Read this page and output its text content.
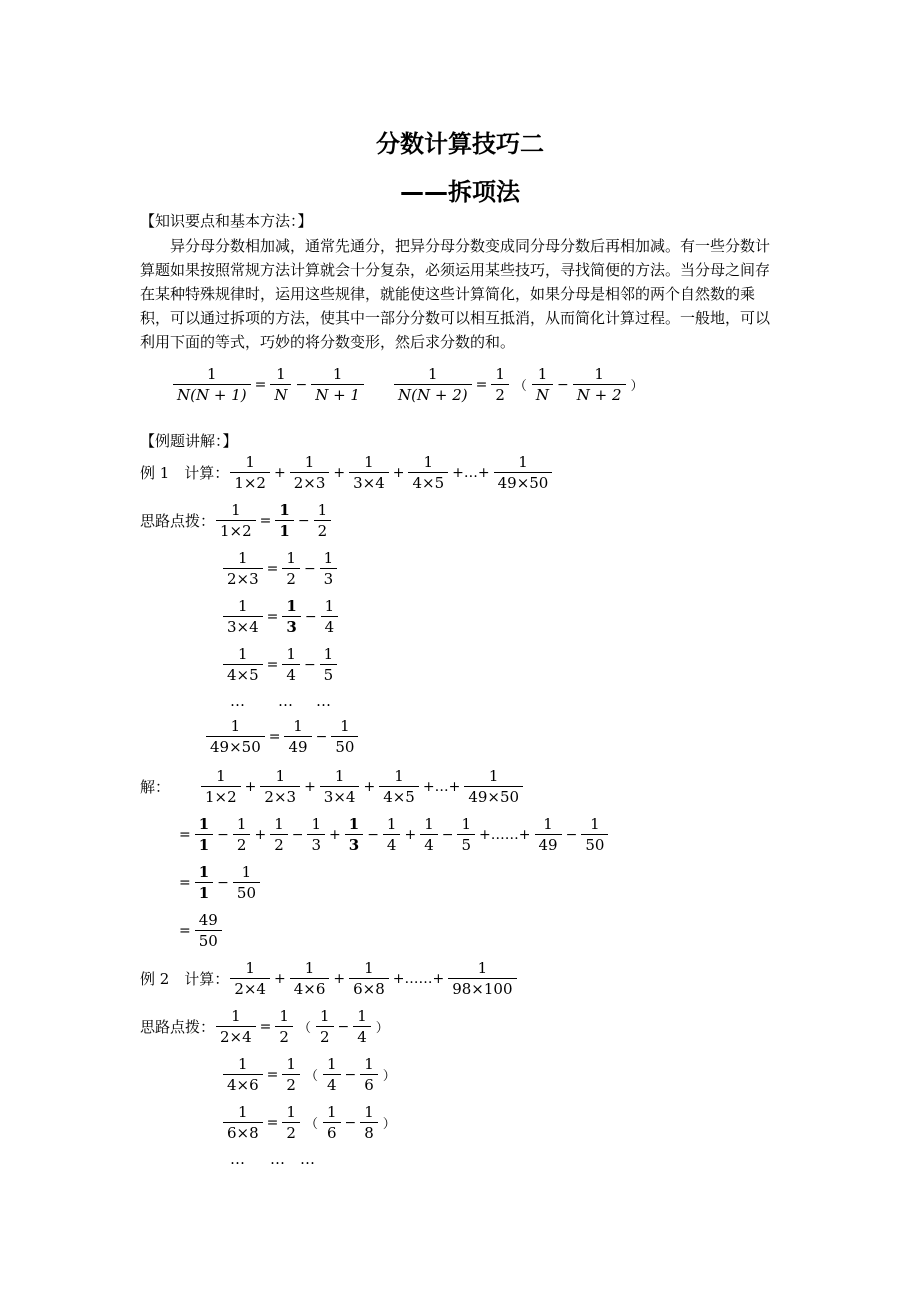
分数计算技巧二
——拆项法
【知识要点和基本方法：】
异分母分数相加减，通常先通分，把异分母分数变成同分母分数后再相加减。有一些分数计算题如果按照常规方法计算就会十分复杂，必须运用某些技巧，寻找简便的方法。当分母之间存在某种特殊规律时，运用这些规律，就能使这些计算简化，如果分母是相邻的两个自然数的乘积，可以通过拆项的方法，使其中一部分分数可以相互抵消，从而简化计算过程。一般地，可以利用下面的等式，巧妙的将分数变形，然后求分数的和。
$\frac{1}{N(N + 1)} = \frac{1}{N} - \frac{1}{N + 1} \frac{1}{N(N + 2)} = \frac{1}{2}$ （ $\frac{1}{N} - \frac{1}{N + 2}$ ）
【例题讲解：】
例 1　计算： $\frac{1}{1\times 2} + \frac{1}{2\times 3} + \frac{1}{3\times 4} + \frac{1}{4\times 5}$ +…+ $\frac{1}{49\times 50}$
思路点拨： $\frac{1}{1\times 2} = \frac{1}{1} - \frac{1}{2}$
$\frac{1}{2\times 3} = \frac{1}{2} - \frac{1}{3}$
$\frac{1}{3\times 4} = \frac{1}{3} - \frac{1}{4}$
$\frac{1}{4\times 5} = \frac{1}{4} - \frac{1}{5}$
… … …
$\frac{1}{49\times 50} = \frac{1}{49} - \frac{1}{50}$
解： $\frac{1}{1\times 2} + \frac{1}{2\times 3} + \frac{1}{3\times 4} + \frac{1}{4\times 5}$ +…+ $\frac{1}{49\times 50}$
= $\frac{1}{1} - \frac{1}{2} + \frac{1}{2} - \frac{1}{3} + \frac{1}{3} - \frac{1}{4} + \frac{1}{4} - \frac{1}{5}$ +……+ $\frac{1}{49} - \frac{1}{50}$
= $\frac{1}{1} - \frac{1}{50}$
= $\frac{49}{50}$
例 2　计算： $\frac{1}{2\times 4} + \frac{1}{4\times 6} + \frac{1}{6\times 8}$ +……+ $\frac{1}{98\times 100}$
思路点拨： $\frac{1}{2\times 4} = \frac{1}{2}$ （ $\frac{1}{2} - \frac{1}{4}$ ）
$\frac{1}{4\times 6} = \frac{1}{2}$ （ $\frac{1}{4} - \frac{1}{6}$ ）
$\frac{1}{6\times 8} = \frac{1}{2}$ （ $\frac{1}{6} - \frac{1}{8}$ ）
… … …
